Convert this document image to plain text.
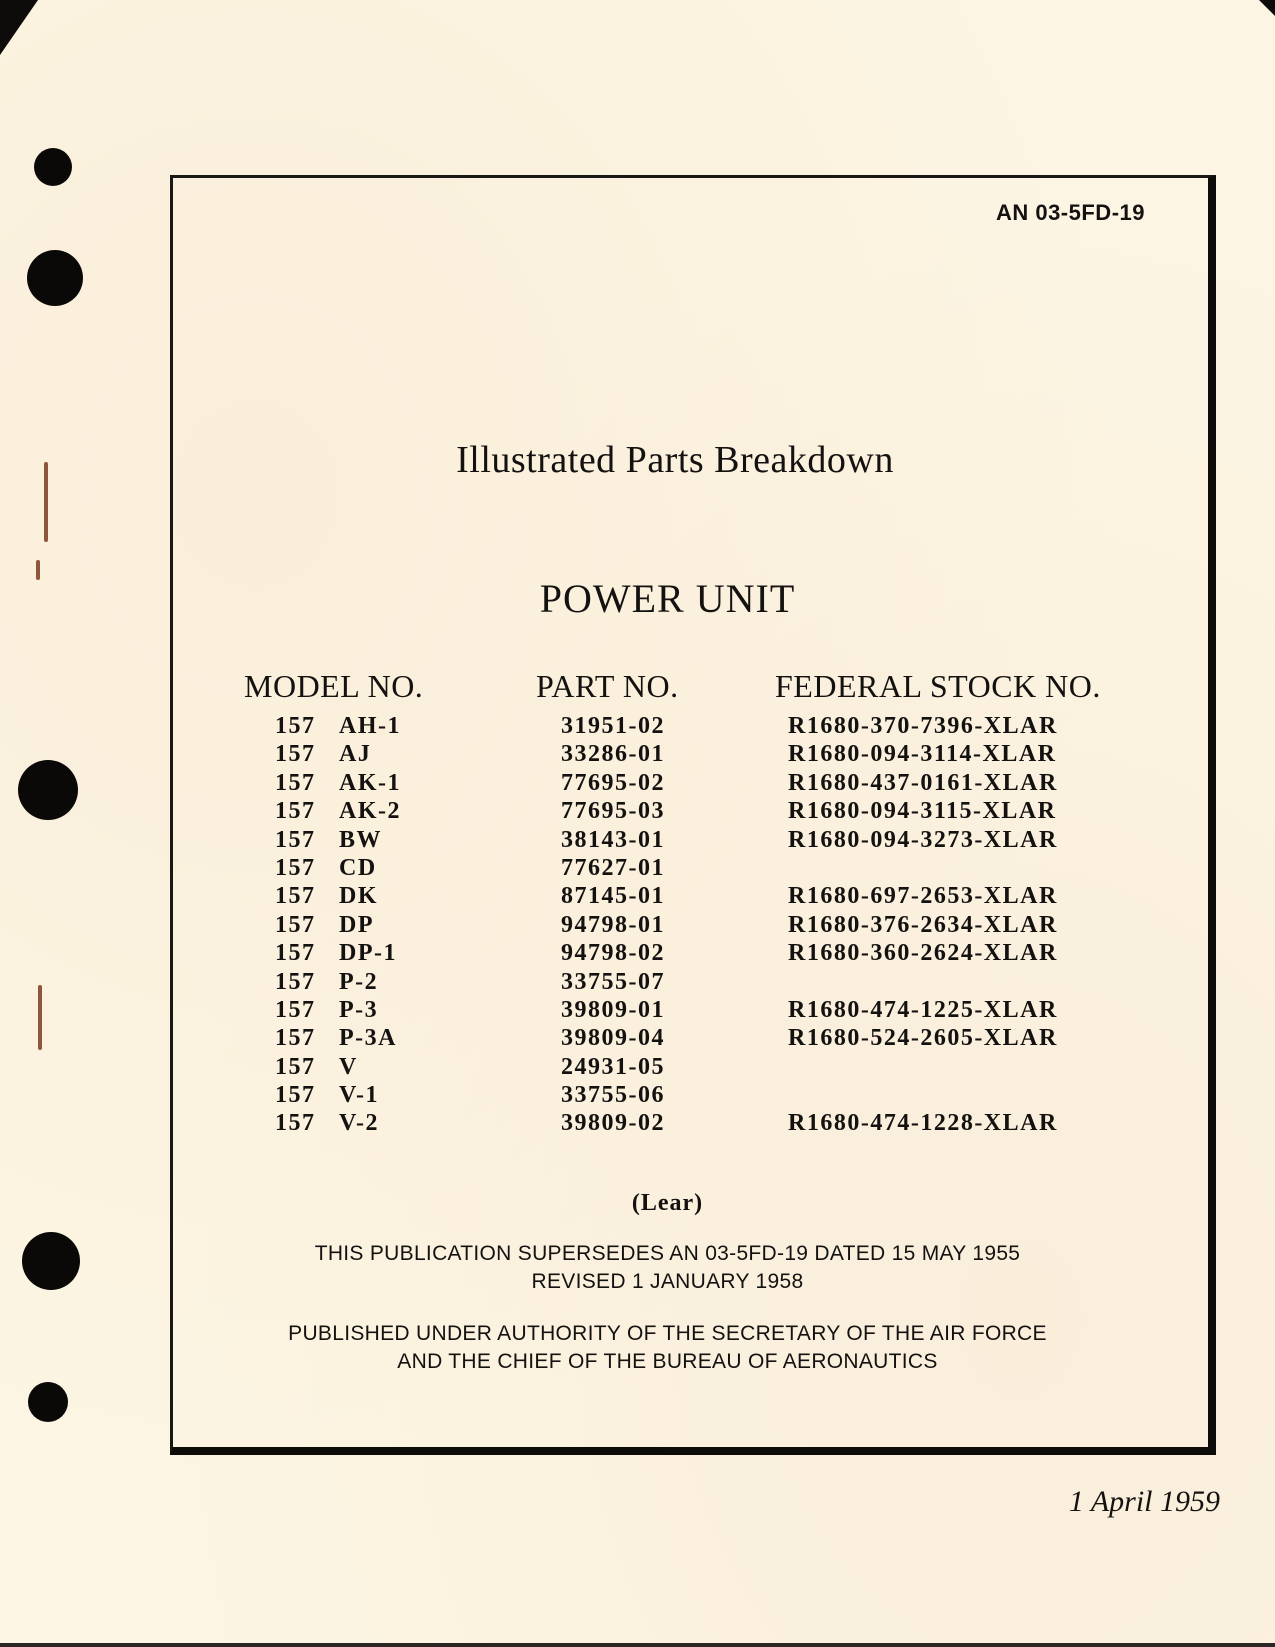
AN 03-5FD-19
Illustrated Parts Breakdown
POWER UNIT
MODEL NO.	PART NO.	FEDERAL STOCK NO.
157 AH-1	31951-02	R1680-370-7396-XLAR
157 AJ	33286-01	R1680-094-3114-XLAR
157 AK-1	77695-02	R1680-437-0161-XLAR
157 AK-2	77695-03	R1680-094-3115-XLAR
157 BW	38143-01	R1680-094-3273-XLAR
157 CD	77627-01
157 DK	87145-01	R1680-697-2653-XLAR
157 DP	94798-01	R1680-376-2634-XLAR
157 DP-1	94798-02	R1680-360-2624-XLAR
157 P-2	33755-07
157 P-3	39809-01	R1680-474-1225-XLAR
157 P-3A	39809-04	R1680-524-2605-XLAR
157 V	24931-05
157 V-1	33755-06
157 V-2	39809-02	R1680-474-1228-XLAR
(Lear)
THIS PUBLICATION SUPERSEDES AN 03-5FD-19 DATED 15 MAY 1955
REVISED 1 JANUARY 1958
PUBLISHED UNDER AUTHORITY OF THE SECRETARY OF THE AIR FORCE
AND THE CHIEF OF THE BUREAU OF AERONAUTICS
1 April 1959
